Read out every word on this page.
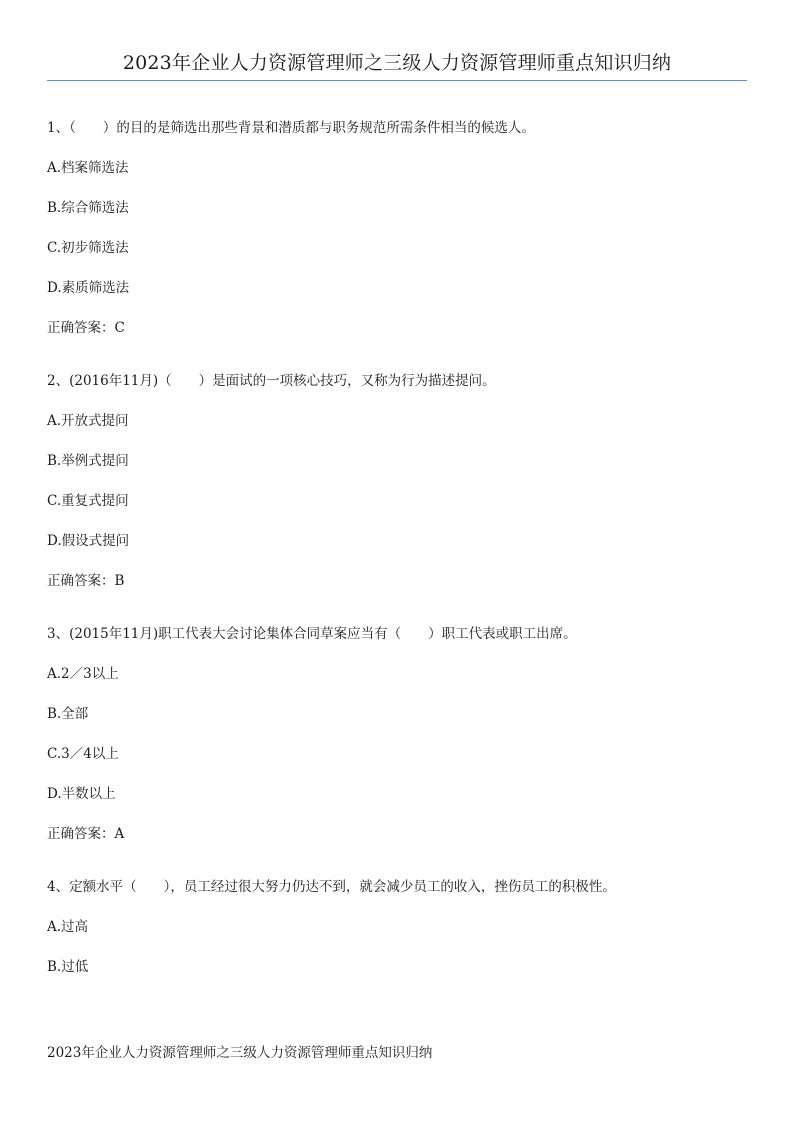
2023年企业人力资源管理师之三级人力资源管理师重点知识归纳
1、（　　）的目的是筛选出那些背景和潜质都与职务规范所需条件相当的候选人。
A.档案筛选法
B.综合筛选法
C.初步筛选法
D.素质筛选法
正确答案：C
2、(2016年11月)（　　）是面试的一项核心技巧，又称为行为描述提问。
A.开放式提问
B.举例式提问
C.重复式提问
D.假设式提问
正确答案：B
3、(2015年11月)职工代表大会讨论集体合同草案应当有（　　）职工代表或职工出席。
A.2／3以上
B.全部
C.3／4以上
D.半数以上
正确答案：A
4、定额水平（　　），员工经过很大努力仍达不到，就会减少员工的收入，挫伤员工的积极性。
A.过高
B.过低
2023年企业人力资源管理师之三级人力资源管理师重点知识归纳
